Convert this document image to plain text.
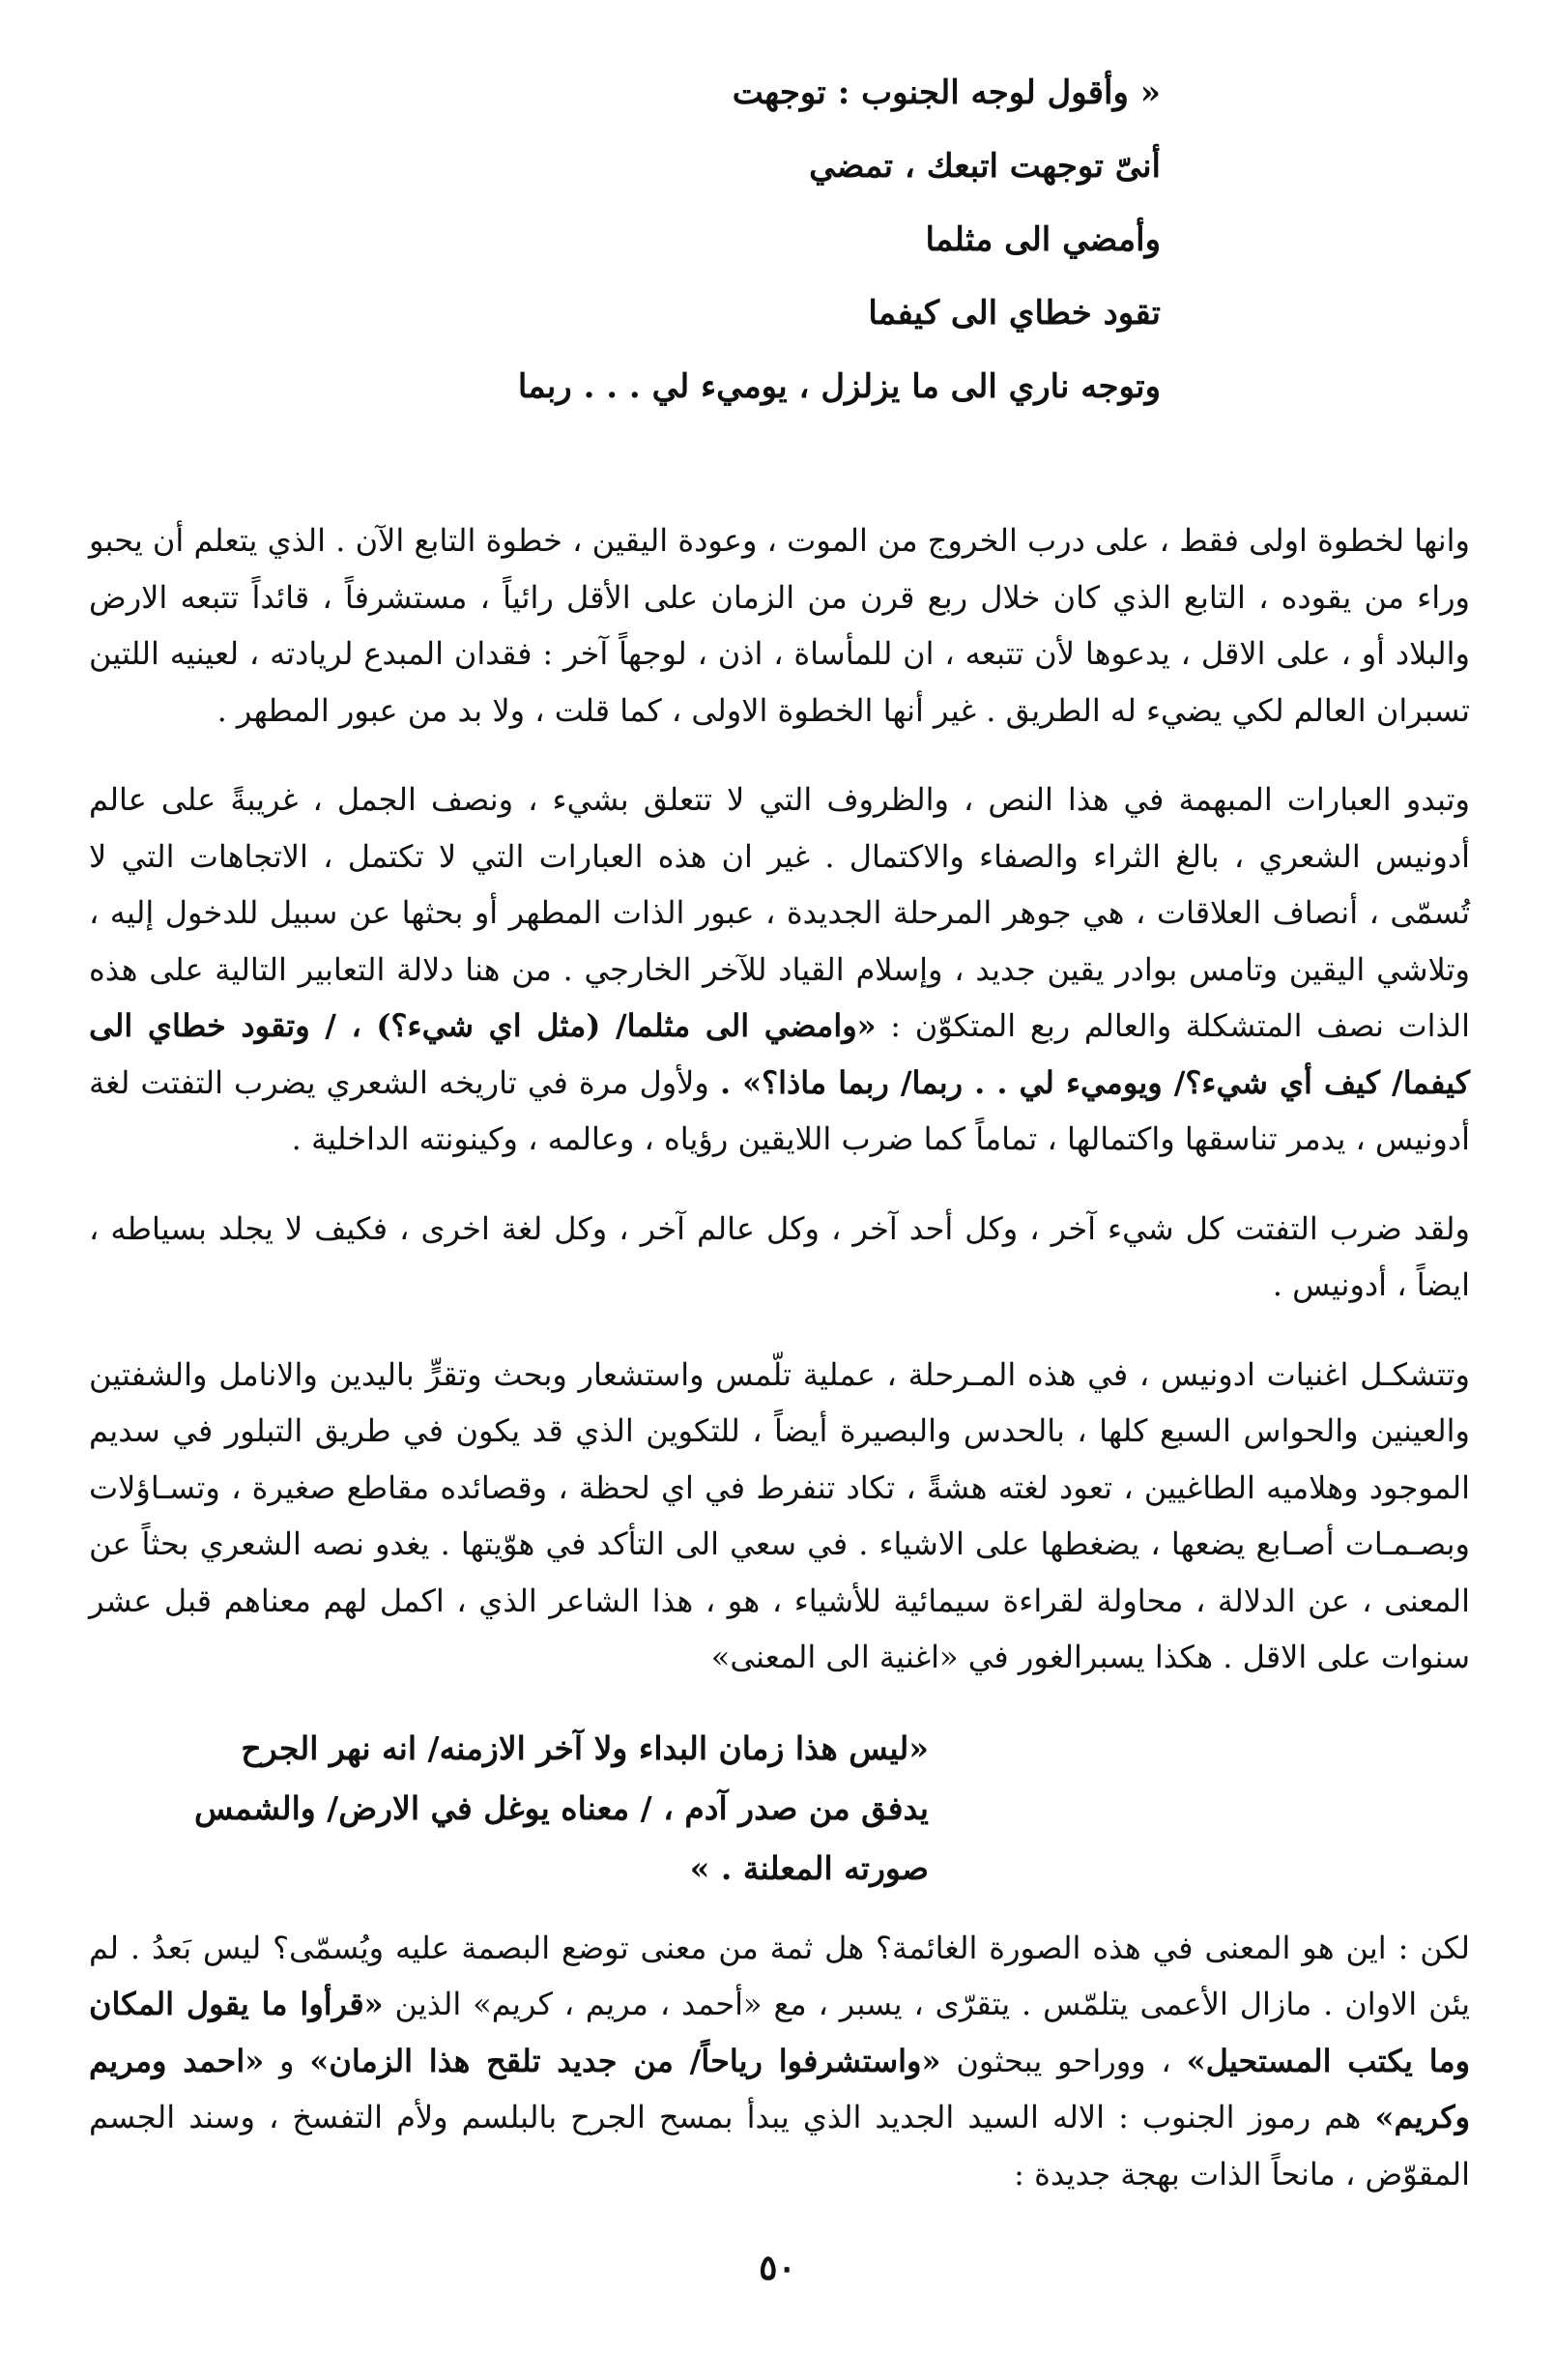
« وأقول لوجه الجنوب : توجهت
أنىّ توجهت اتبعك ، تمضي
وأمضي الى مثلما
تقود خطاي الى كيفما
وتوجه ناري الى ما يزلزل ، يوميء لي . . . ربما

وانها لخطوة اولى فقط ، على درب الخروج من الموت ، وعودة اليقين ، خطوة التابع الآن . الذي يتعلم أن يحبو وراء من يقوده ، التابع الذي كان خلال ربع قرن من الزمان على الأقل رائياً ، مستشرفاً ، قائداً تتبعه الارض والبلاد أو ، على الاقل ، يدعوها لأن تتبعه ، ان للمأساة ، اذن ، لوجهاً آخر : فقدان المبدع لريادته ، لعينيه اللتين تسبران العالم لكي يضيء له الطريق . غير أنها الخطوة الاولى ، كما قلت ، ولا بد من عبور المطهر .

وتبدو العبارات المبهمة في هذا النص ، والظروف التي لا تتعلق بشيء ، ونصف الجمل ، غريبةً على عالم أدونيس الشعري ، بالغ الثراء والصفاء والاكتمال . غير ان هذه العبارات التي لا تكتمل ، الاتجاهات التي لا تُسمّى ، أنصاف العلاقات ، هي جوهر المرحلة الجديدة ، عبور الذات المطهر أو بحثها عن سبيل للدخول إليه ، وتلاشي اليقين وتامس بوادر يقين جديد ، وإسلام القياد للآخر الخارجي . من هنا دلالة التعابير التالية على هذه الذات نصف المتشكلة والعالم ربع المتكوّن : «وامضي الى مثلما/ (مثل اي شيء؟) ، / وتقود خطاي الى كيفما/ كيف أي شيء؟/ ويوميء لي . . ربما/ ربما ماذا؟» . ولأول مرة في تاريخه الشعري يضرب التفتت لغة أدونيس ، يدمر تناسقها واكتمالها ، تماماً كما ضرب اللايقين رؤياه ، وعالمه ، وكينونته الداخلية .

ولقد ضرب التفتت كل شيء آخر ، وكل أحد آخر ، وكل عالم آخر ، وكل لغة اخرى ، فكيف لا يجلد بسياطه ، ايضاً ، أدونيس .

وتتشكـل اغنيات ادونيس ، في هذه المـرحلة ، عملية تلّمس واستشعار وبحث وتقرٍّ باليدين والانامل والشفتين والعينين والحواس السبع كلها ، بالحدس والبصيرة أيضاً ، للتكوين الذي قد يكون في طريق التبلور في سديم الموجود وهلاميه الطاغيين ، تعود لغته هشةً ، تكاد تنفرط في اي لحظة ، وقصائده مقاطع صغيرة ، وتسـاؤلات وبصـمـات أصـابع يضعها ، يضغطها على الاشياء . في سعي الى التأكد في هوّيتها . يغدو نصه الشعري بحثاً عن المعنى ، عن الدلالة ، محاولة لقراءة سيمائية للأشياء ، هو ، هذا الشاعر الذي ، اكمل لهم معناهم قبل عشر سنوات على الاقل . هكذا يسبرالغور في «اغنية الى المعنى»

«ليس هذا زمان البداء ولا آخر الازمنه/ انه نهر الجرح
يدفق من صدر آدم ، / معناه يوغل في الارض/ والشمس
صورته المعلنة . »

لكن : اين هو المعنى في هذه الصورة الغائمة؟ هل ثمة من معنى توضع البصمة عليه ويُسمّى؟ ليس بَعدُ . لم يئن الاوان . مازال الأعمى يتلمّس . يتقرّى ، يسبر ، مع «أحمد ، مريم ، كريم» الذين «قرأوا ما يقول المكان وما يكتب المستحيل» ، ووراحو يبحثون «واستشرفوا رياحاً/ من جديد تلقح هذا الزمان» و «احمد ومريم وكريم» هم رموز الجنوب : الاله السيد الجديد الذي يبدأ بمسح الجرح بالبلسم ولأم التفسخ ، وسند الجسم المقوّض ، مانحاً الذات بهجة جديدة :

٥٠
